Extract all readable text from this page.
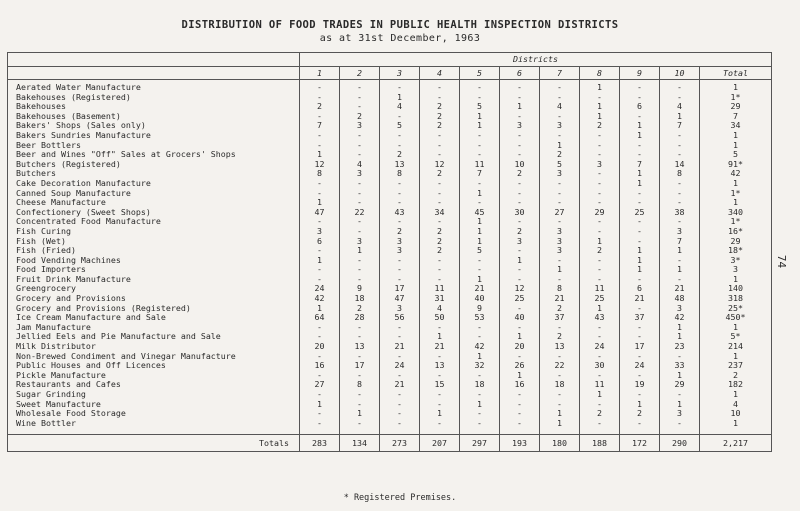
DISTRIBUTION OF FOOD TRADES IN PUBLIC HEALTH INSPECTION DISTRICTS
as at 31st December, 1963
74
	Districts										
	1	2	3	4	5	6	7	8	9	10	Total
Aerated Water Manufacture	-	-	-	-	-	-	-	1	-	-	1
Bakehouses (Registered)	-	-	1	-	-	-	-	-	-	-	1*
Bakehouses	2	-	4	2	5	1	4	1	6	4	29
Bakehouses (Basement)	-	2	-	2	1	-	-	1	-	1	7
Bakers' Shops (Sales only)	7	3	5	2	1	3	3	2	1	7	34
Bakers Sundries Manufacture	-	-	-	-	-	-	-	-	1	-	1
Beer Bottlers	-	-	-	-	-	-	1	-	-	-	1
Beer and Wines "Off" Sales at Grocers' Shops	1	-	2	-	-	-	2	-	-	-	5
Butchers (Registered)	12	4	13	12	11	10	5	3	7	14	91*
Butchers	8	3	8	2	7	2	3	-	1	8	42
Cake Decoration Manufacture	-	-	-	-	-	-	-	-	1	-	1
Canned Soup Manufacture	-	-	-	-	1	-	-	-	-	-	1*
Cheese Manufacture	1	-	-	-	-	-	-	-	-	-	1
Confectionery (Sweet Shops)	47	22	43	34	45	30	27	29	25	38	340
Concentrated Food Manufacture	-	-	-	-	1	-	-	-	-	-	1*
Fish Curing	3	-	2	2	1	2	3	-	-	3	16*
Fish (Wet)	6	3	3	2	1	3	3	1	-	7	29
Fish (Fried)	-	1	3	2	5	-	3	2	1	1	18*
Food Vending Machines	1	-	-	-	-	1	-	-	1	-	3*
Food Importers	-	-	-	-	-	-	1	-	1	1	3
Fruit Drink Manufacture	-	-	-	-	1	-	-	-	-	-	1
Greengrocery	24	9	17	11	21	12	8	11	6	21	140
Grocery and Provisions	42	18	47	31	40	25	21	25	21	48	318
Grocery and Provisions (Registered)	1	2	3	4	9	-	2	1	-	3	25*
Ice Cream Manufacture and Sale	64	28	56	50	53	40	37	43	37	42	450*
Jam Manufacture	-	-	-	-	-	-	-	-	-	1	1
Jellied Eels and Pie Manufacture and Sale	-	-	-	1	-	1	2	-	-	1	5*
Milk Distributor	20	13	21	21	42	20	13	24	17	23	214
Non-Brewed Condiment and Vinegar Manufacture	-	-	-	-	1	-	-	-	-	-	1
Public Houses and Off Licences	16	17	24	13	32	26	22	30	24	33	237
Pickle Manufacture	-	-	-	-	-	1	-	-	-	1	2
Restaurants and Cafes	27	8	21	15	18	16	18	11	19	29	182
Sugar Grinding	-	-	-	-	-	-	-	1	-	-	1
Sweet Manufacture	1	-	-	-	1	-	-	-	1	1	4
Wholesale Food Storage	-	1	-	1	-	-	1	2	2	3	10
Wine Bottler	-	-	-	-	-	-	1	-	-	-	1

Totals	283	134	273	207	297	193	180	188	172	290	2,217
* Registered Premises.
